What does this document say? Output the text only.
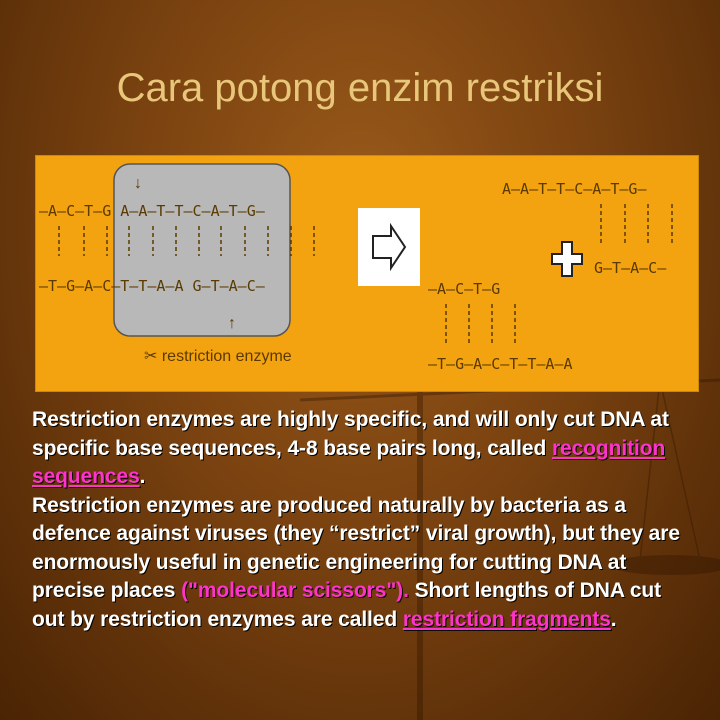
Cara potong enzim restriksi
↓
↑
–A–C–T–G A–A–T–T–C–A–T–G–
–T–G–A–C–T–T–A–A G–T–A–C–
✂ restriction enzyme
A–A–T–T–C–A–T–G–
G–T–A–C–
–A–C–T–G
–T–G–A–C–T–T–A–A
Restriction enzymes are highly specific, and will only cut DNA at specific base sequences, 4-8 base pairs long, called recognition sequences.
Restriction enzymes are produced naturally by bacteria as a defence against viruses (they “restrict” viral growth), but they are enormously useful in genetic engineering for cutting DNA at precise places ("molecular scissors"). Short lengths of DNA cut out by restriction enzymes are called restriction fragments.
